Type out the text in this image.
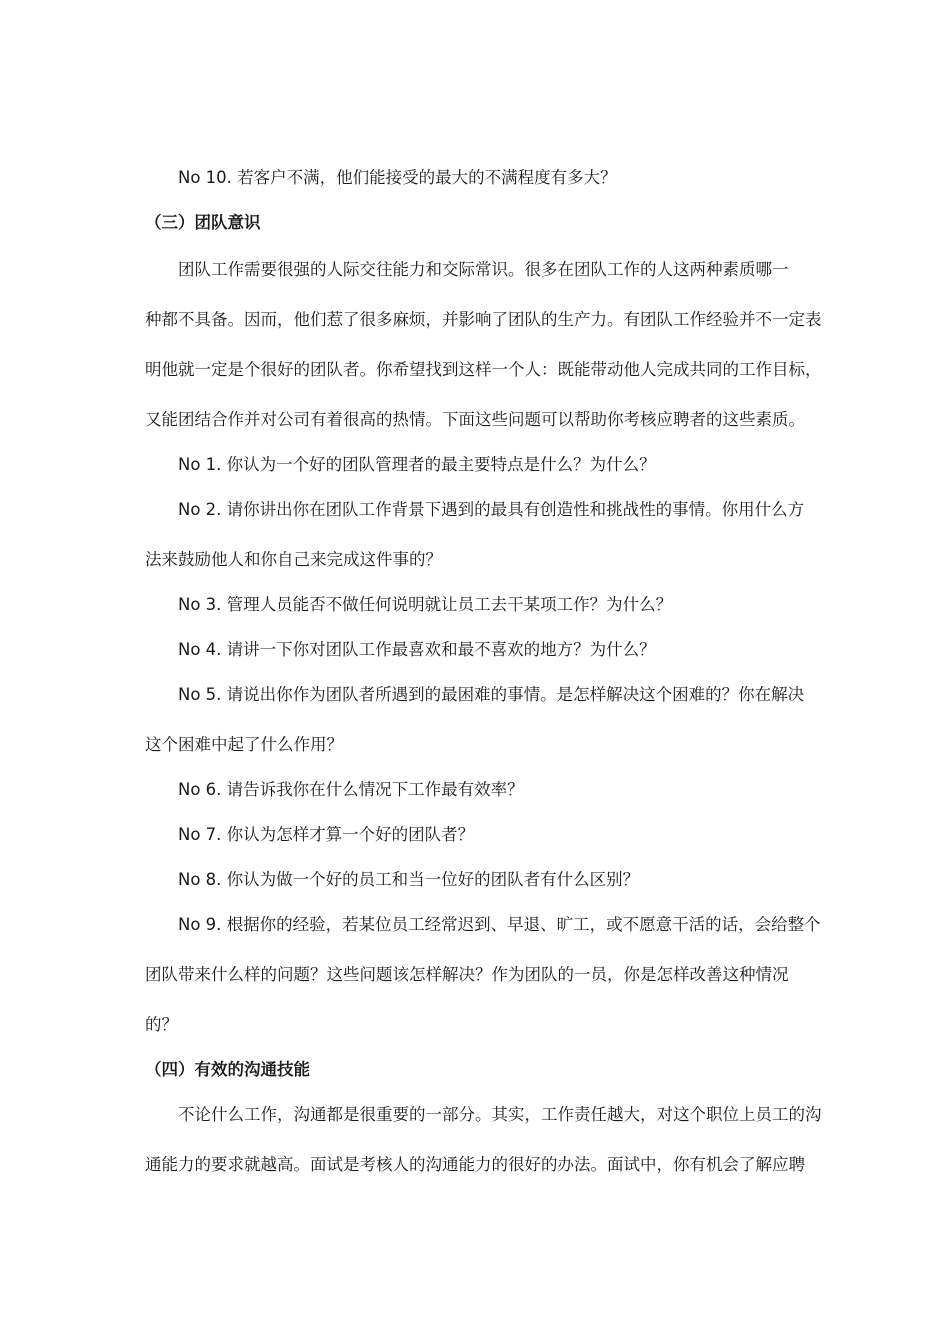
No 10. 若客户不满，他们能接受的最大的不满程度有多大？
（三）团队意识
团队工作需要很强的人际交往能力和交际常识。很多在团队工作的人这两种素质哪一
种都不具备。因而，他们惹了很多麻烦，并影响了团队的生产力。有团队工作经验并不一定表
明他就一定是个很好的团队者。你希望找到这样一个人：既能带动他人完成共同的工作目标，
又能团结合作并对公司有着很高的热情。下面这些问题可以帮助你考核应聘者的这些素质。
No 1. 你认为一个好的团队管理者的最主要特点是什么？为什么？
No 2. 请你讲出你在团队工作背景下遇到的最具有创造性和挑战性的事情。你用什么方
法来鼓励他人和你自己来完成这件事的？
No 3. 管理人员能否不做任何说明就让员工去干某项工作？为什么？
No 4. 请讲一下你对团队工作最喜欢和最不喜欢的地方？为什么？
No 5. 请说出你作为团队者所遇到的最困难的事情。是怎样解决这个困难的？你在解决
这个困难中起了什么作用？
No 6. 请告诉我你在什么情况下工作最有效率？
No 7. 你认为怎样才算一个好的团队者？
No 8. 你认为做一个好的员工和当一位好的团队者有什么区别？
No 9. 根据你的经验，若某位员工经常迟到、早退、旷工，或不愿意干活的话，会给整个
团队带来什么样的问题？这些问题该怎样解决？作为团队的一员，你是怎样改善这种情况
的？
（四）有效的沟通技能
不论什么工作，沟通都是很重要的一部分。其实，工作责任越大，对这个职位上员工的沟
通能力的要求就越高。面试是考核人的沟通能力的很好的办法。面试中，你有机会了解应聘
